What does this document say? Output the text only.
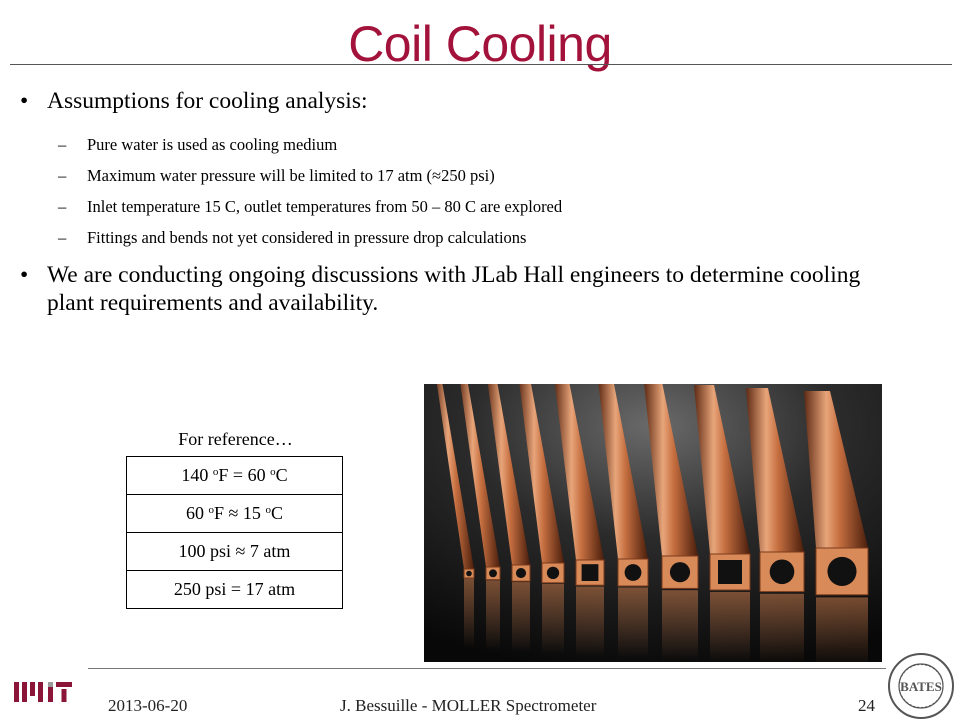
Coil Cooling
• Assumptions for cooling analysis:
– Pure water is used as cooling medium
– Maximum water pressure will be limited to 17 atm (≈250 psi)
– Inlet temperature 15 C, outlet temperatures from 50 – 80 C are explored
– Fittings and bends not yet considered in pressure drop calculations
• We are conducting ongoing discussions with JLab Hall engineers to determine cooling plant requirements and availability.
For reference…
140 $^o$F = 60 $^o$C
60 $^o$F ≈ 15 $^o$C
100 psi ≈ 7 atm
250 psi = 17 atm
2013-06-20	J. Bessuille - MOLLER Spectrometer	24
BATES
